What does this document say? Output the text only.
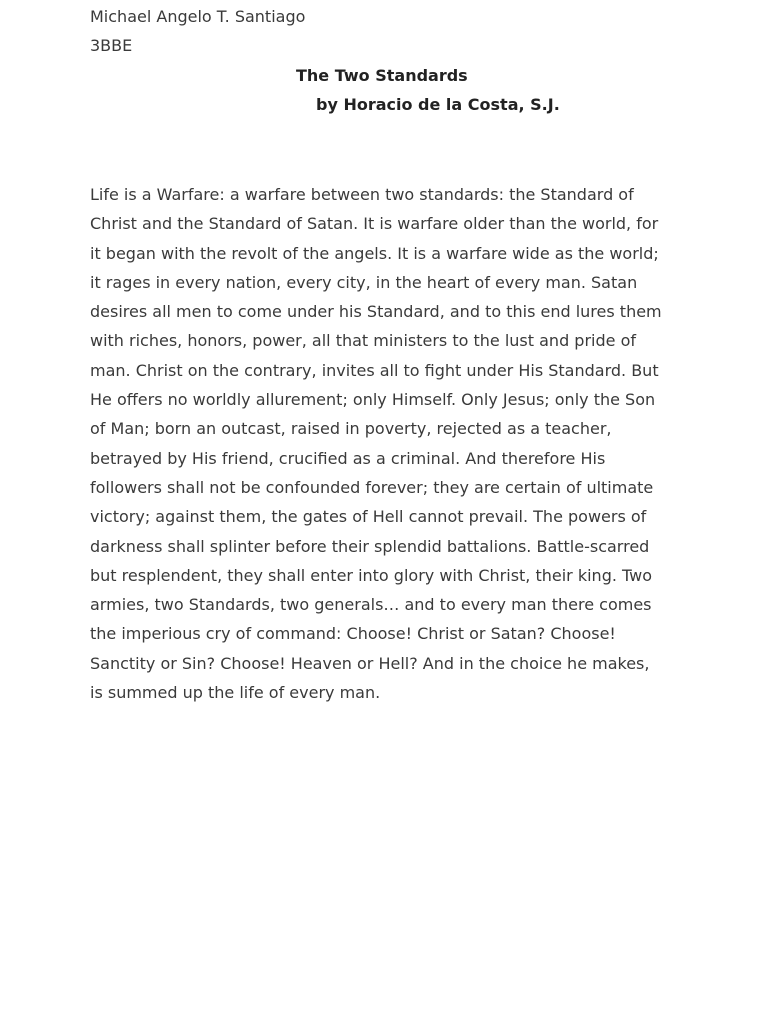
Michael Angelo T. Santiago
3BBE
The Two Standards
by Horacio de la Costa, S.J.
Life is a Warfare: a warfare between two standards: the Standard of
Christ and the Standard of Satan. It is warfare older than the world, for
it began with the revolt of the angels. It is a warfare wide as the world;
it rages in every nation, every city, in the heart of every man. Satan
desires all men to come under his Standard, and to this end lures them
with riches, honors, power, all that ministers to the lust and pride of
man. Christ on the contrary, invites all to fight under His Standard. But
He offers no worldly allurement; only Himself. Only Jesus; only the Son
of Man; born an outcast, raised in poverty, rejected as a teacher,
betrayed by His friend, crucified as a criminal. And therefore His
followers shall not be confounded forever; they are certain of ultimate
victory; against them, the gates of Hell cannot prevail. The powers of
darkness shall splinter before their splendid battalions. Battle-scarred
but resplendent, they shall enter into glory with Christ, their king. Two
armies, two Standards, two generals… and to every man there comes
the imperious cry of command: Choose! Christ or Satan? Choose!
Sanctity or Sin? Choose! Heaven or Hell? And in the choice he makes,
is summed up the life of every man.
